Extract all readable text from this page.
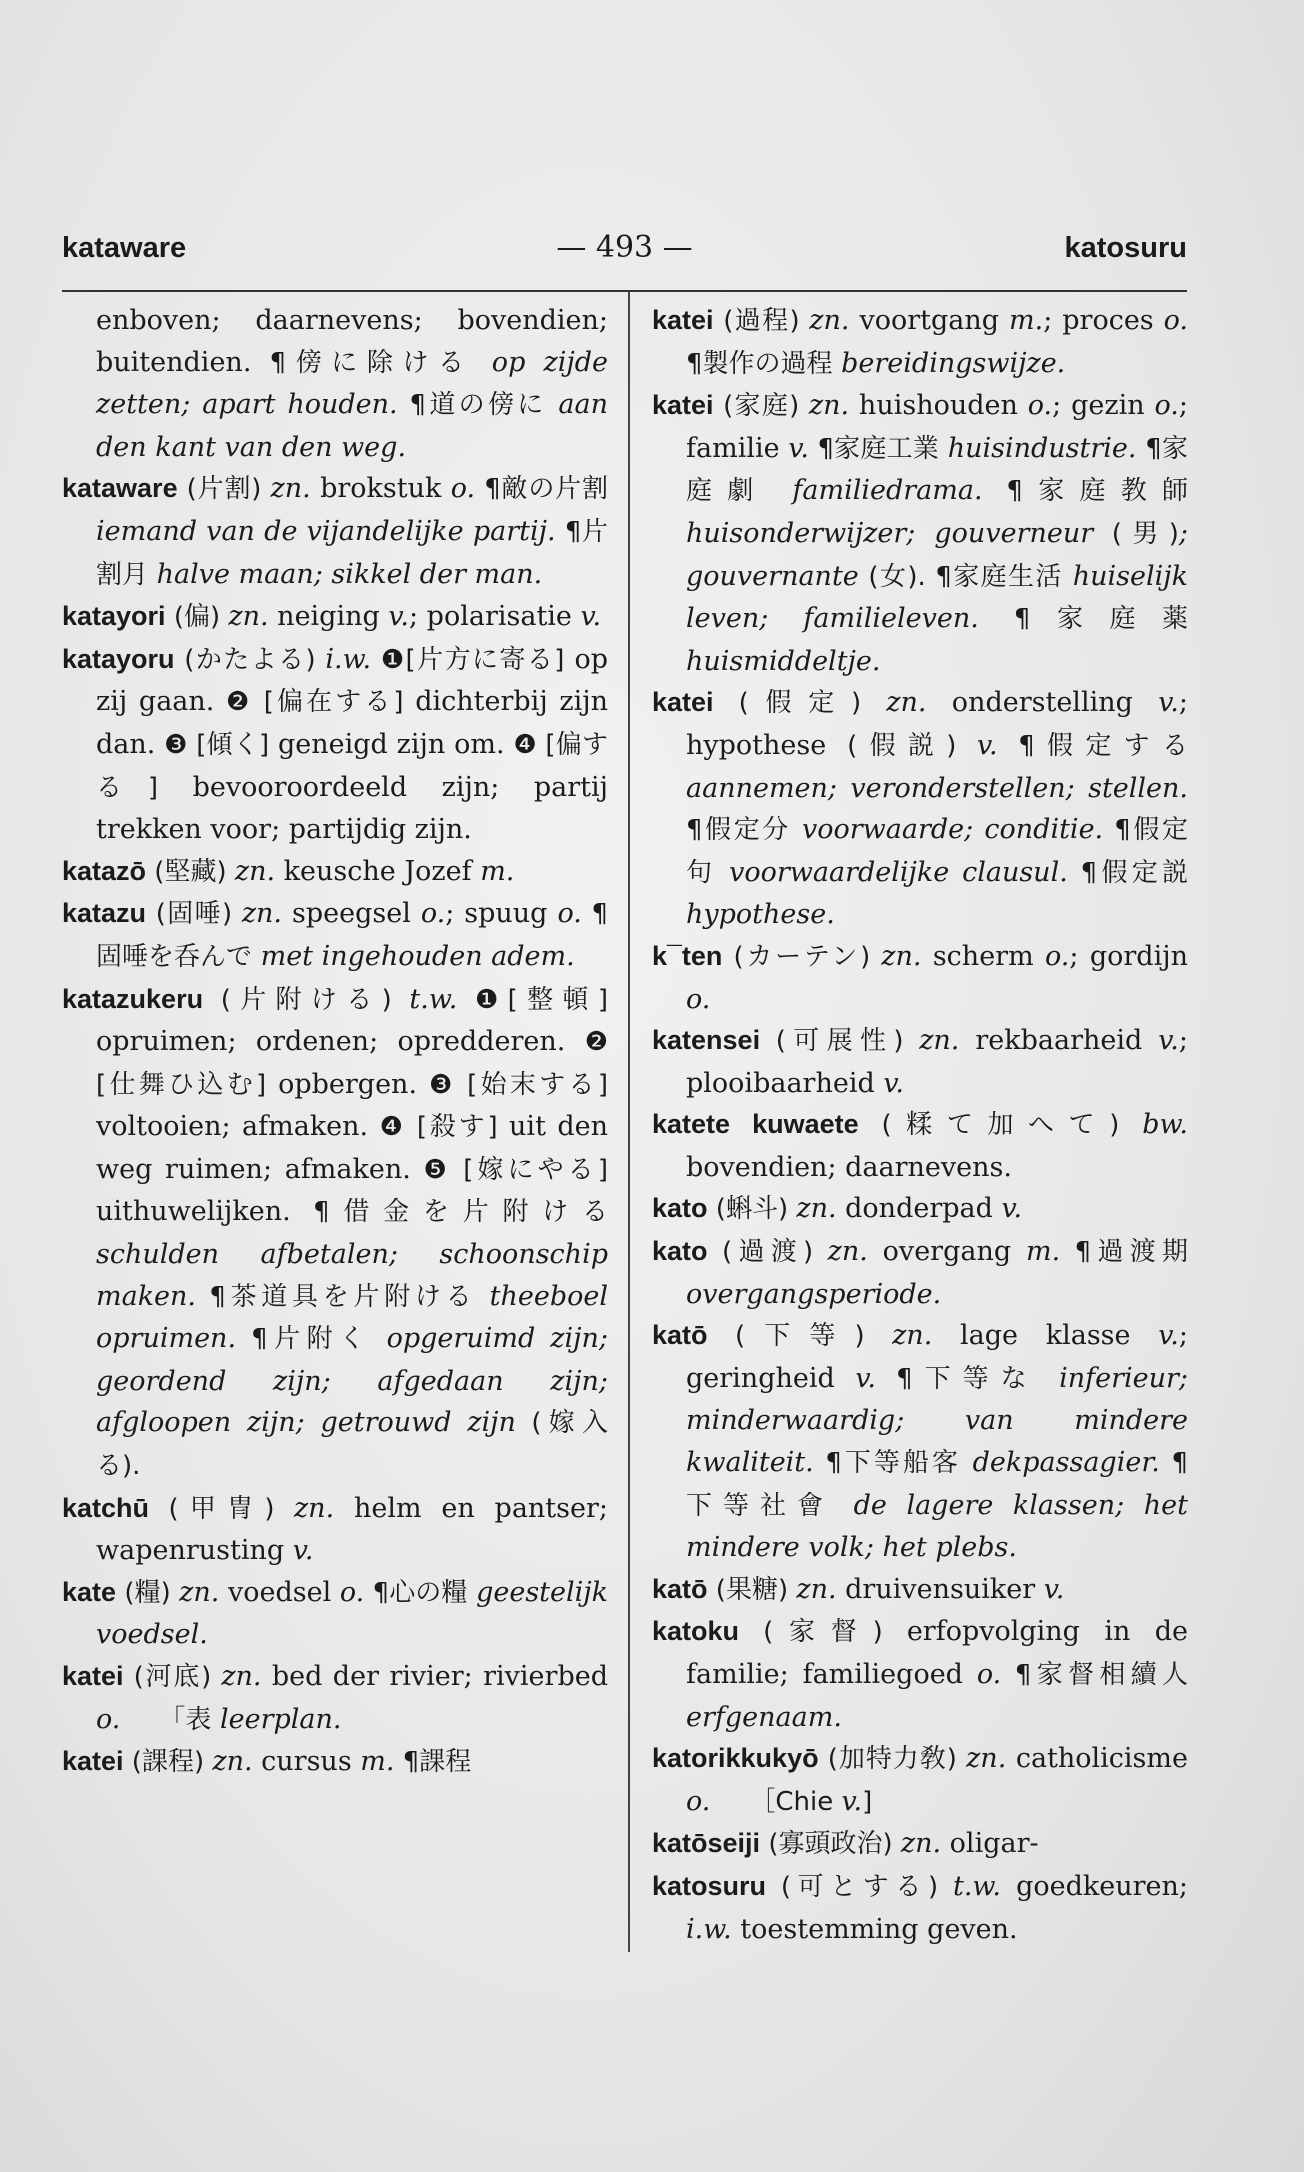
kataware	— 493 —	katosuru

enboven; daarnevens; bovendien; buitendien. ¶傍に除ける op zijde zetten; apart houden. ¶道の傍に aan den kant van den weg.

kataware (片割) zn. brokstuk o. ¶敵の片割 iemand van de vijandelijke partij. ¶片割月 halve maan; sikkel der man.

katayori (偏) zn. neiging v.; polarisatie v.

katayoru (かたよる) i.w. ❶[片方に寄る] op zij gaan. ❷ [偏在する] dichterbij zijn dan. ❸ [傾く] geneigd zijn om. ❹ [偏する] bevooroordeeld zijn; partij trekken voor; partijdig zijn.

katazō (堅藏) zn. keusche Jozef m.

katazu (固唾) zn. speegsel o.; spuug o. ¶固唾を呑んで met ingehouden adem.

katazukeru (片附ける) t.w. ❶[整頓] opruimen; ordenen; opredderen. ❷ [仕舞ひ込む] opbergen. ❸ [始末する] voltooien; afmaken. ❹ [殺す] uit den weg ruimen; afmaken. ❺ [嫁にやる] uithuwelijken. ¶借金を片附ける schulden afbetalen; schoonschip maken. ¶茶道具を片附ける theeboel opruimen. ¶片附く opgeruimd zijn; geordend zijn; afgedaan zijn; afgloopen zijn; getrouwd zijn (嫁入る).

katchū (甲冑) zn. helm en pantser; wapenrusting v.

kate (糧) zn. voedsel o. ¶心の糧 geestelijk voedsel.

katei (河底) zn. bed der rivier; rivierbed o.　　「表 leerplan.

katei (課程) zn. cursus m. ¶課程

katei (過程) zn. voortgang m.; proces o. ¶製作の過程 bereidingswijze.

katei (家庭) zn. huishouden o.; gezin o.; familie v. ¶家庭工業 huisindustrie. ¶家庭劇 familiedrama. ¶家庭教師 huisonderwijzer; gouverneur (男); gouvernante (女). ¶家庭生活 huiselijk leven; familieleven. ¶家庭薬 huismiddeltje.

katei (假定) zn. onderstelling v.; hypothese (假説) v. ¶假定する aannemen; veronderstellen; stellen. ¶假定分 voorwaarde; conditie. ¶假定句 voorwaardelijke clausul. ¶假定説 hypothese.

k¯ten (カーテン) zn. scherm o.; gordijn o.

katensei (可展性) zn. rekbaarheid v.; plooibaarheid v.

katete kuwaete (糅て加へて) bw. bovendien; daarnevens.

kato (蝌斗) zn. donderpad v.

kato (過渡) zn. overgang m. ¶過渡期 overgangsperiode.

katō (下等) zn. lage klasse v.; geringheid v. ¶下等な inferieur; minderwaardig; van mindere kwaliteit. ¶下等船客 dekpassagier. ¶下等社會 de lagere klassen; het mindere volk; het plebs.

katō (果糖) zn. druivensuiker v.

katoku (家督) erfopvolging in de familie; familiegoed o. ¶家督相續人 erfgenaam.

katorikkukyō (加特力敎) zn. catholicisme o.　　［Chie v.]

katōseiji (寡頭政治) zn. oligar-

katosuru (可とする) t.w. goedkeuren; i.w. toestemming geven.
